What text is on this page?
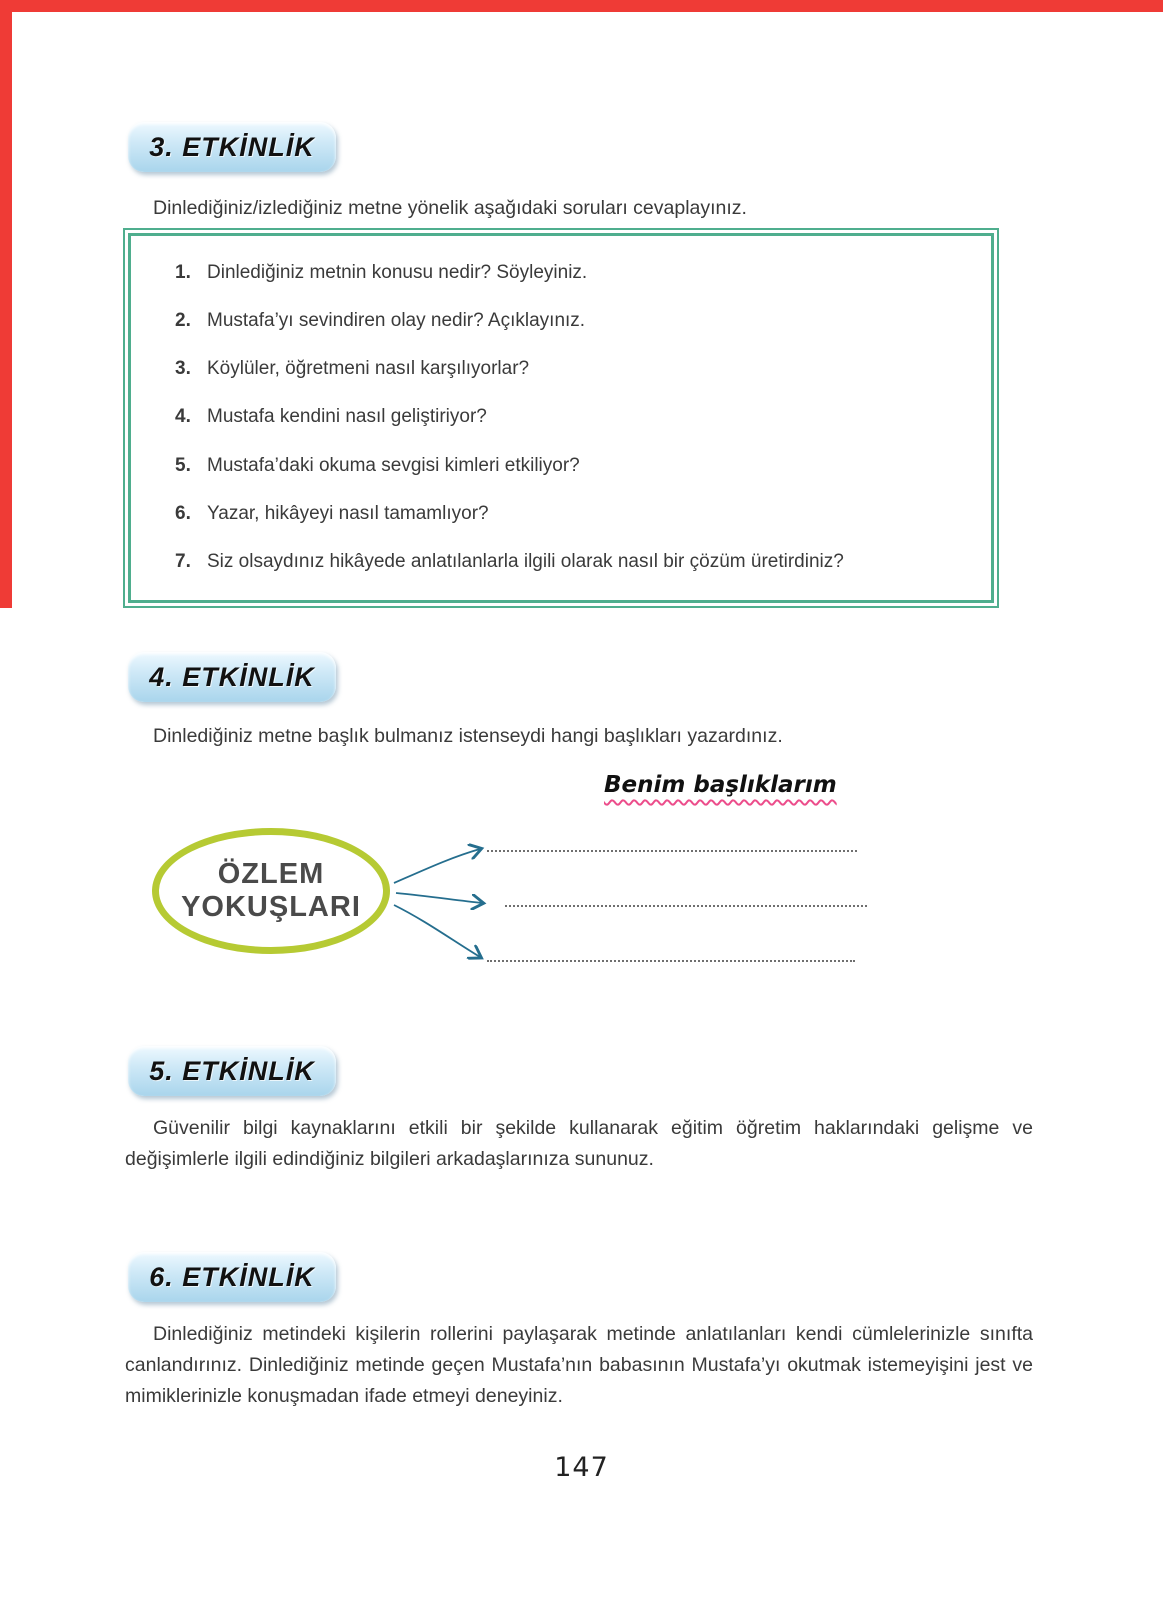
3. ETKİNLİK
Dinlediğiniz/izlediğiniz metne yönelik aşağıdaki soruları cevaplayınız.
1. Dinlediğiniz metnin konusu nedir? Söyleyiniz.
2. Mustafa’yı sevindiren olay nedir? Açıklayınız.
3. Köylüler, öğretmeni nasıl karşılıyorlar?
4. Mustafa kendini nasıl geliştiriyor?
5. Mustafa’daki okuma sevgisi kimleri etkiliyor?
6. Yazar, hikâyeyi nasıl tamamlıyor?
7. Siz olsaydınız hikâyede anlatılanlarla ilgili olarak nasıl bir çözüm üretirdiniz?
4. ETKİNLİK
Dinlediğiniz metne başlık bulmanız istenseydi hangi başlıkları yazardınız.
Benim başlıklarım
ÖZLEM
YOKUŞLARI
5. ETKİNLİK
Güvenilir bilgi kaynaklarını etkili bir şekilde kullanarak eğitim öğretim haklarındaki gelişme ve değişimlerle ilgili edindiğiniz bilgileri arkadaşlarınıza sununuz.
6. ETKİNLİK
Dinlediğiniz metindeki kişilerin rollerini paylaşarak metinde anlatılanları kendi cümlelerinizle sınıfta canlandırınız. Dinlediğiniz metinde geçen Mustafa’nın babasının Mustafa’yı okutmak istemeyişini jest ve mimiklerinizle konuşmadan ifade etmeyi deneyiniz.
147
